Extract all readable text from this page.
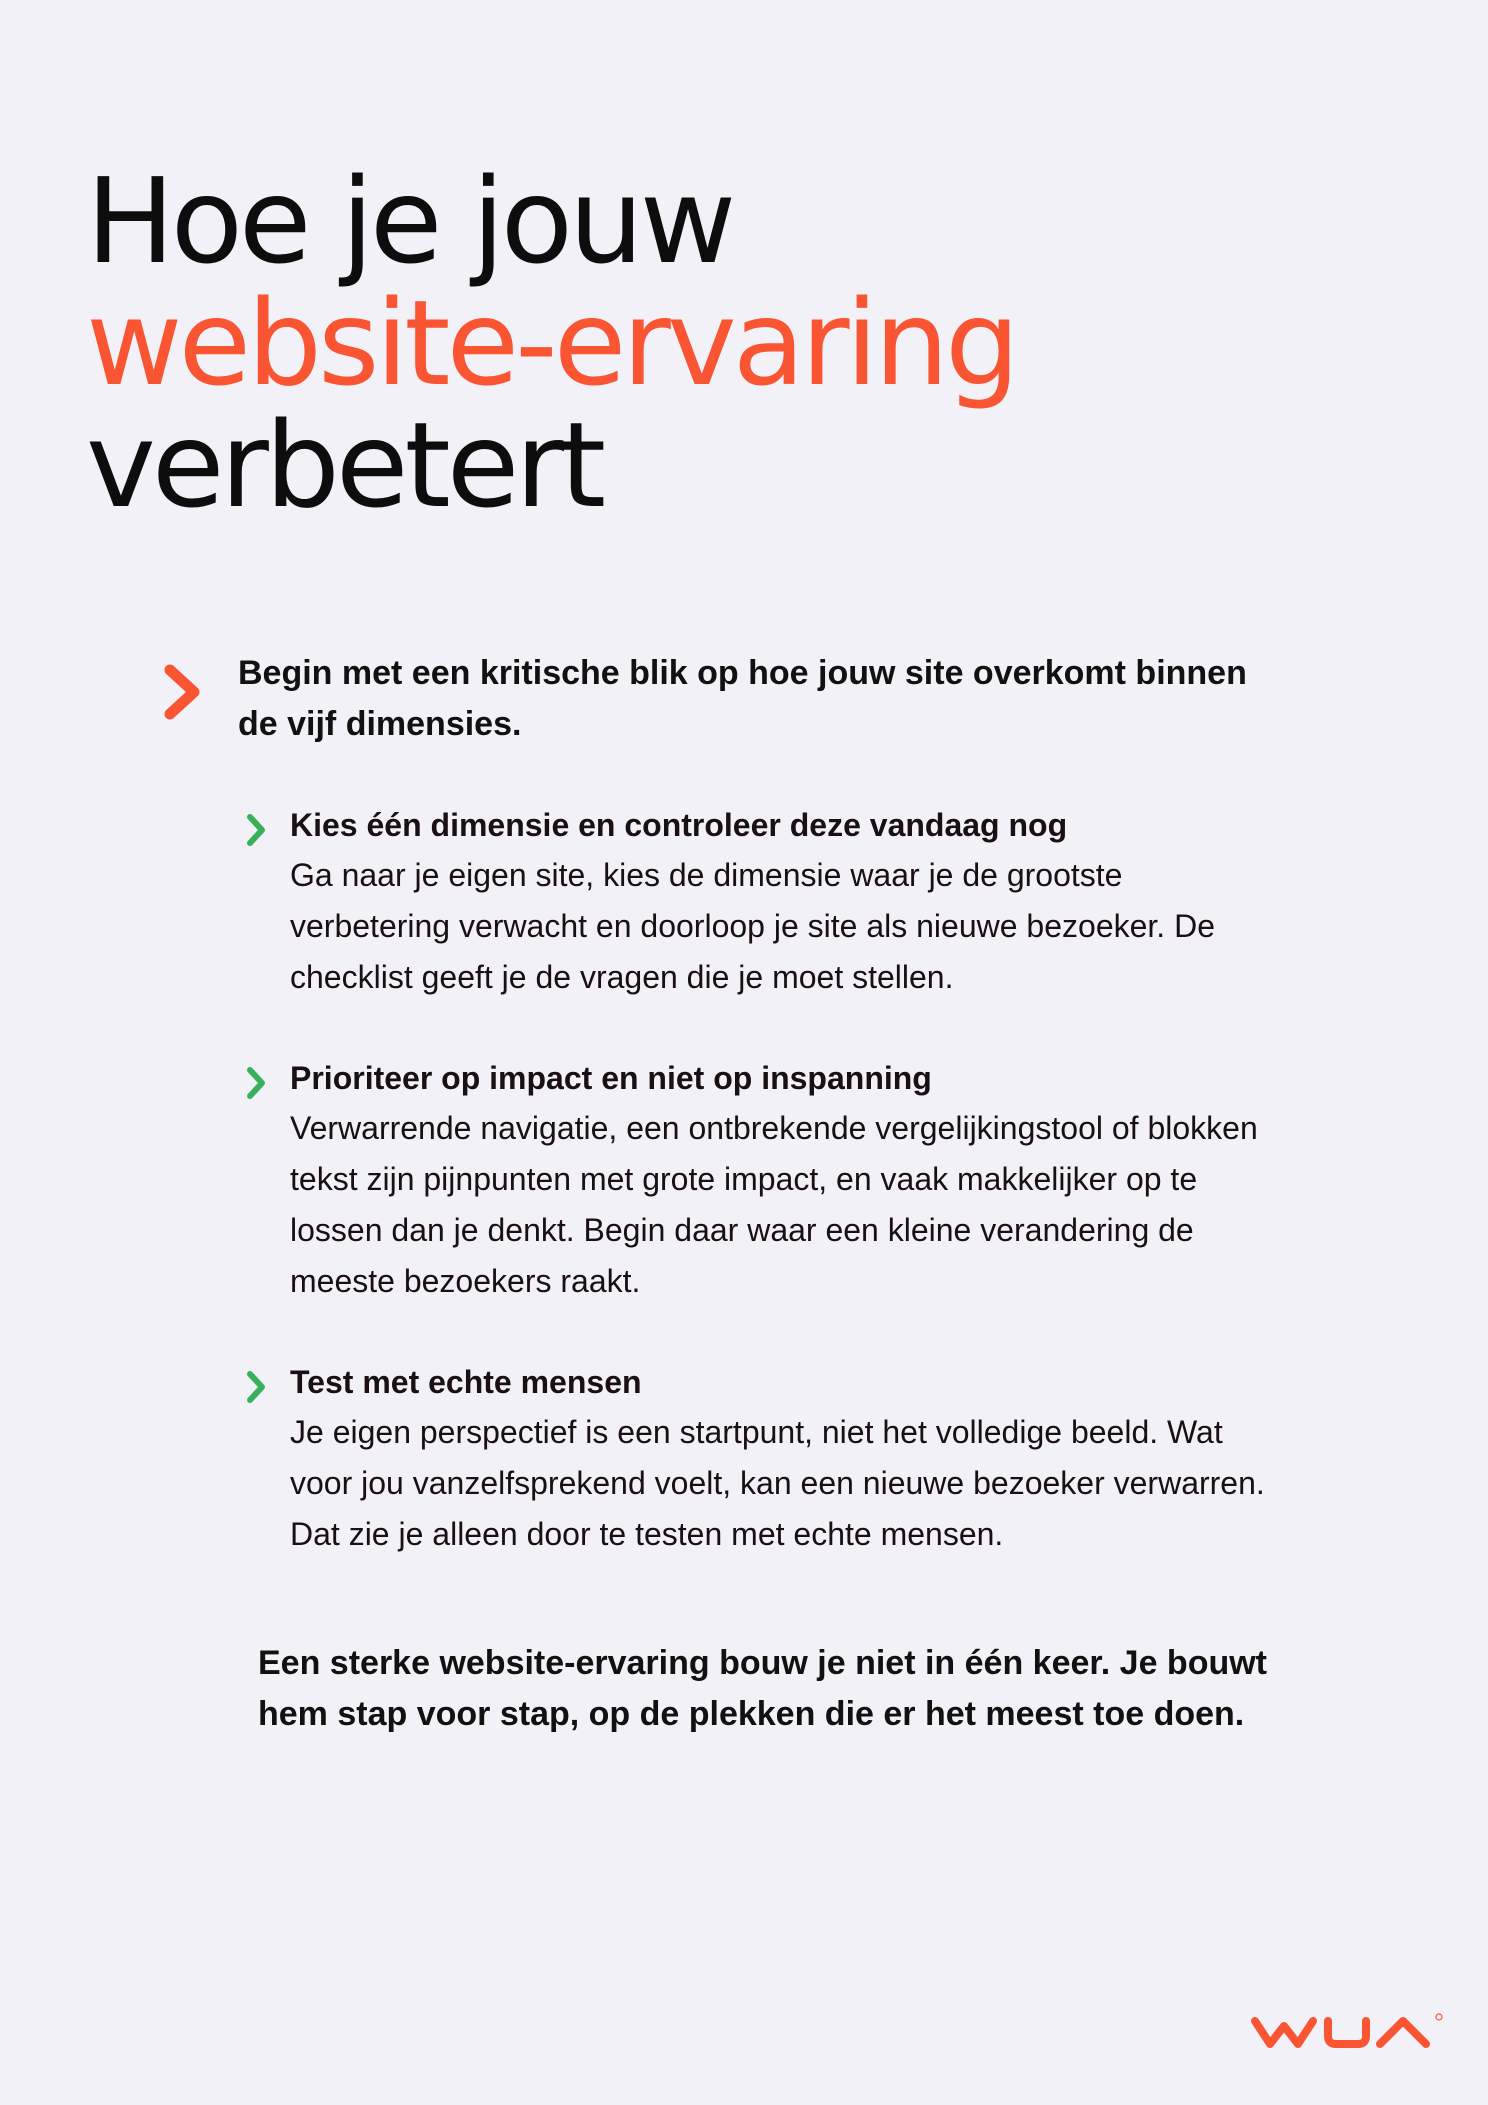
Hoe je jouw
website-ervaring
verbetert
Begin met een kritische blik op hoe jouw site overkomt binnen de vijf dimensies.
Kies één dimensie en controleer deze vandaag nog

Ga naar je eigen site, kies de dimensie waar je de grootste verbetering verwacht en doorloop je site als nieuwe bezoeker. De checklist geeft je de vragen die je moet stellen.

Prioriteer op impact en niet op inspanning

Verwarrende navigatie, een ontbrekende vergelijkingstool of blokken tekst zijn pijnpunten met grote impact, en vaak makkelijker op te lossen dan je denkt. Begin daar waar een kleine verandering de meeste bezoekers raakt.

Test met echte mensen

Je eigen perspectief is een startpunt, niet het volledige beeld. Wat voor jou vanzelfsprekend voelt, kan een nieuwe bezoeker verwarren. Dat zie je alleen door te testen met echte mensen.

Een sterke website-ervaring bouw je niet in één keer. Je bouwt hem stap voor stap, op de plekken die er het meest toe doen.
